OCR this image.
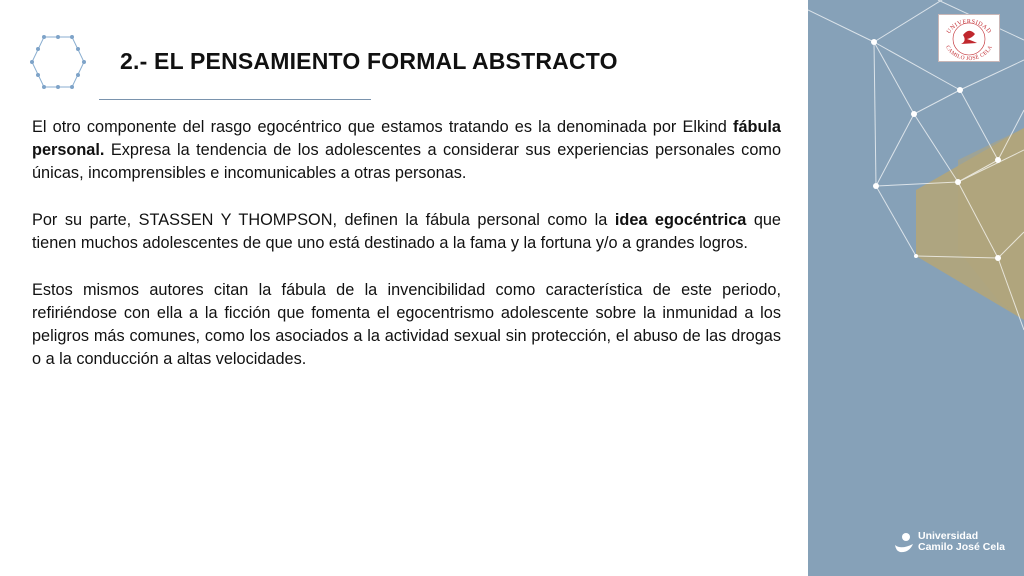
2.- EL PENSAMIENTO FORMAL ABSTRACTO

El otro componente del rasgo egocéntrico que estamos tratando es la denominada por Elkind fábula personal. Expresa la tendencia de los adolescentes a considerar sus experiencias personales como únicas, incomprensibles e incomunicables a otras personas.

Por su parte, STASSEN Y THOMPSON, definen la fábula personal como la idea egocéntrica que tienen muchos adolescentes de que uno está destinado a la fama y la fortuna y/o a grandes logros.

Estos mismos autores citan la fábula de la invencibilidad como característica de este periodo, refiriéndose con ella a la ficción que fomenta el egocentrismo adolescente sobre la inmunidad a los peligros más comunes, como los asociados a la actividad sexual sin protección, el abuso de las drogas o a la conducción a altas velocidades.

UNIVERSIDAD
CAMILO JOSÉ CELA
Universidad
Camilo José Cela
